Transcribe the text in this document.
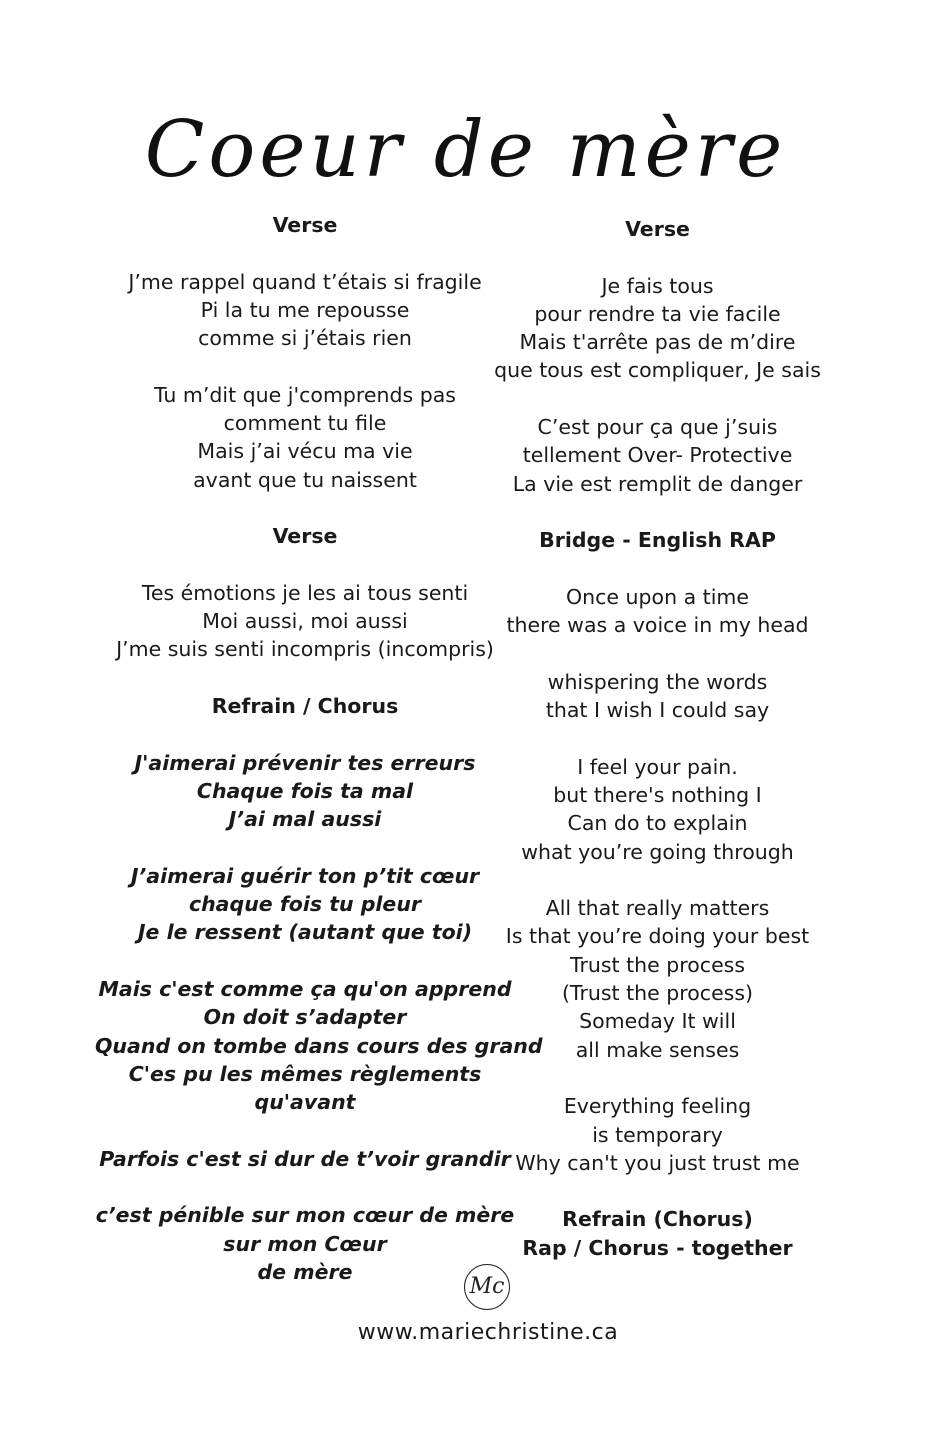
Coeur de mère
Verse
J’me rappel quand t’étais si fragile
Pi la tu me repousse
comme si j’étais rien
Tu m’dit que j'comprends pas
comment tu file
Mais j’ai vécu ma vie
avant que tu naissent
Verse
Tes émotions je les ai tous senti
Moi aussi, moi aussi
J’me suis senti incompris (incompris)
Refrain / Chorus
J'aimerai prévenir tes erreurs
Chaque fois ta mal
J’ai mal aussi
J’aimerai guérir ton p’tit cœur
chaque fois tu pleur
Je le ressent (autant que toi)
Mais c'est comme ça qu'on apprend
On doit s’adapter
Quand on tombe dans cours des grand
C'es pu les mêmes règlements
qu'avant
Parfois c'est si dur de t’voir grandir
c’est pénible sur mon cœur de mère
sur mon Cœur
de mère
Verse
Je fais tous
pour rendre ta vie facile
Mais t'arrête pas de m’dire
que tous est compliquer, Je sais
C’est pour ça que j’suis
tellement Over- Protective
La vie est remplit de danger
Bridge - English RAP
Once upon a time
there was a voice in my head
whispering the words
that I wish I could say
I feel your pain.
but there's nothing I
Can do to explain
what you’re going through
All that really matters
Is that you’re doing your best
Trust the process
(Trust the process)
Someday It will
all make senses
Everything feeling
is temporary
Why can't you just trust me
Refrain (Chorus)
Rap / Chorus - together
Mc
www.mariechristine.ca
